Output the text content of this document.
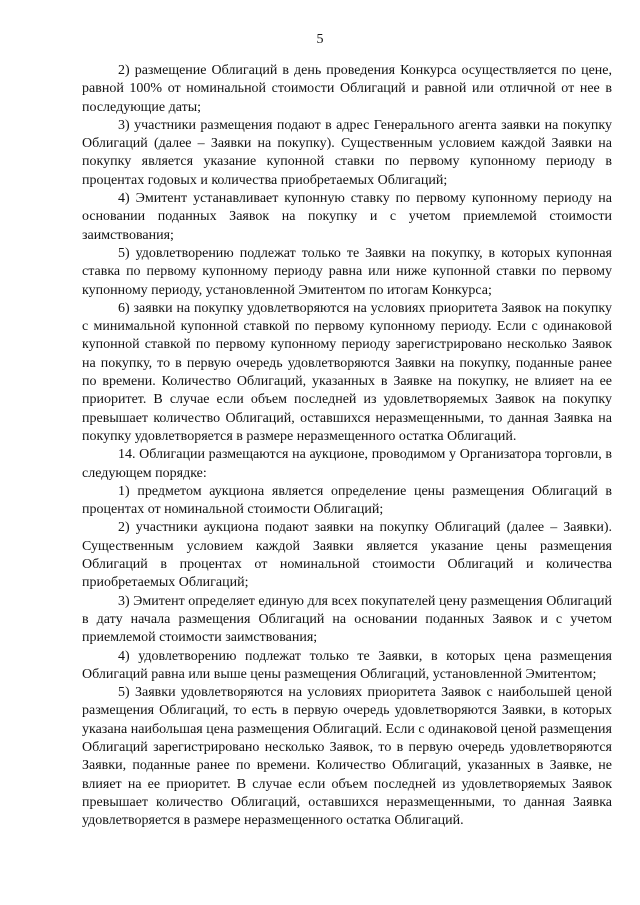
5

2) размещение Облигаций в день проведения Конкурса осуществляется по цене, равной 100% от номинальной стоимости Облигаций и равной или отличной от нее в последующие даты;

3) участники размещения подают в адрес Генерального агента заявки на покупку Облигаций (далее – Заявки на покупку). Существенным условием каждой Заявки на покупку является указание купонной ставки по первому купонному периоду в процентах годовых и количества приобретаемых Облигаций;

4) Эмитент устанавливает купонную ставку по первому купонному периоду на основании поданных Заявок на покупку и с учетом приемлемой стоимости заимствования;

5) удовлетворению подлежат только те Заявки на покупку, в которых купонная ставка по первому купонному периоду равна или ниже купонной ставки по первому купонному периоду, установленной Эмитентом по итогам Конкурса;

6) заявки на покупку удовлетворяются на условиях приоритета Заявок на покупку с минимальной купонной ставкой по первому купонному периоду. Если с одинаковой купонной ставкой по первому купонному периоду зарегистрировано несколько Заявок на покупку, то в первую очередь удовлетворяются Заявки на покупку, поданные ранее по времени. Количество Облигаций, указанных в Заявке на покупку, не влияет на ее приоритет. В случае если объем последней из удовлетворяемых Заявок на покупку превышает количество Облигаций, оставшихся неразмещенными, то данная Заявка на покупку удовлетворяется в размере неразмещенного остатка Облигаций.

14. Облигации размещаются на аукционе, проводимом у Организатора торговли, в следующем порядке:

1) предметом аукциона является определение цены размещения Облигаций в процентах от номинальной стоимости Облигаций;

2) участники аукциона подают заявки на покупку Облигаций (далее – Заявки). Существенным условием каждой Заявки является указание цены размещения Облигаций в процентах от номинальной стоимости Облигаций и количества приобретаемых Облигаций;

3) Эмитент определяет единую для всех покупателей цену размещения Облигаций в дату начала размещения Облигаций на основании поданных Заявок и с учетом приемлемой стоимости заимствования;

4) удовлетворению подлежат только те Заявки, в которых цена размещения Облигаций равна или выше цены размещения Облигаций, установленной Эмитентом;

5) Заявки удовлетворяются на условиях приоритета Заявок с наибольшей ценой размещения Облигаций, то есть в первую очередь удовлетворяются Заявки, в которых указана наибольшая цена размещения Облигаций. Если с одинаковой ценой размещения Облигаций зарегистрировано несколько Заявок, то в первую очередь удовлетворяются Заявки, поданные ранее по времени. Количество Облигаций, указанных в Заявке, не влияет на ее приоритет. В случае если объем последней из удовлетворяемых Заявок превышает количество Облигаций, оставшихся неразмещенными, то данная Заявка удовлетворяется в размере неразмещенного остатка Облигаций.
